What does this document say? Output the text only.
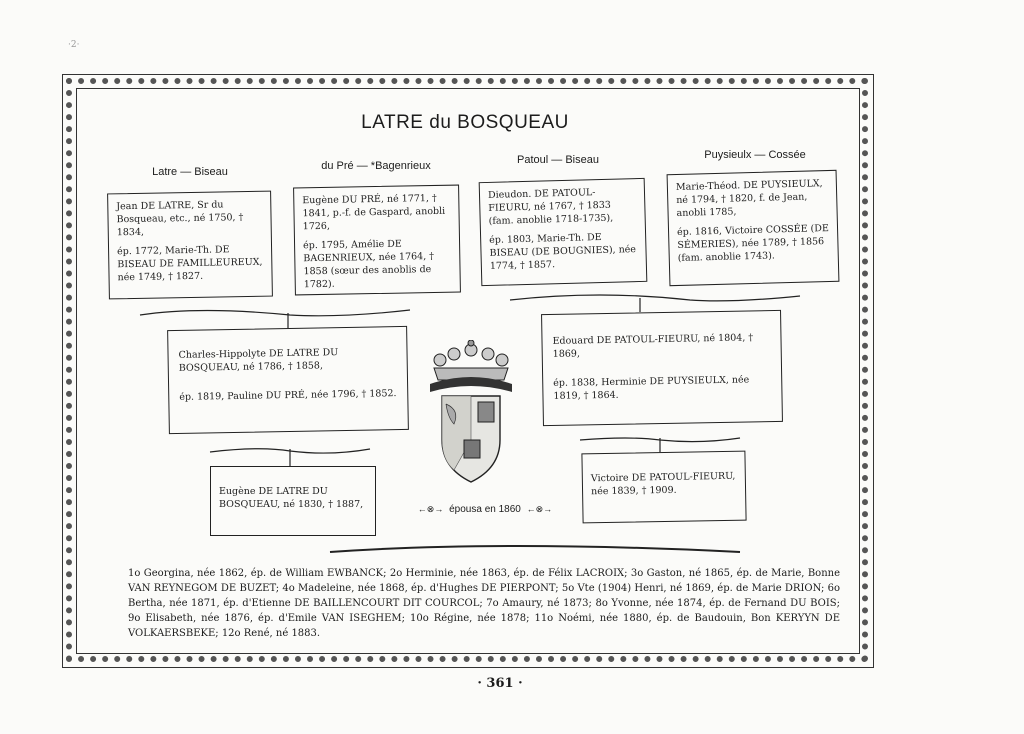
·2·
LATRE du BOSQUEAU
Latre — Biseau	du Pré — *Bagenrieux	Patoul — Biseau	Puysieulx — Cossée

Jean DE LATRE, Sr du Bosqueau, etc., né 1750, † 1834,

ép. 1772, Marie-Th. DE BISEAU DE FAMILLEUREUX, née 1749, † 1827.

Eugène DU PRÉ, né 1771, † 1841, p.-f. de Gaspard, anobli 1726,

ép. 1795, Amélie DE BAGENRIEUX, née 1764, † 1858 (sœur des anoblis de 1782).

Dieudon. DE PATOUL-FIEURU, né 1767, † 1833 (fam. anoblie 1718-1735),

ép. 1803, Marie-Th. DE BISEAU (DE BOUGNIES), née 1774, † 1857.

Marie-Théod. DE PUYSIEULX, né 1794, † 1820, f. de Jean, anobli 1785,

ép. 1816, Victoire COSSÉE (DE SÉMERIES), née 1789, † 1856 (fam. anoblie 1743).

Charles-Hippolyte DE LATRE DU BOSQUEAU, né 1786, † 1858,

ép. 1819, Pauline DU PRÉ, née 1796, † 1852.

Edouard DE PATOUL-FIEURU, né 1804, † 1869,

ép. 1838, Herminie DE PUYSIEULX, née 1819, † 1864.

Eugène DE LATRE DU BOSQUEAU, né 1830, † 1887,

Victoire DE PATOUL-FIEURU, née 1839, † 1909.

←⊗→ épousa en 1860 ←⊗→
1o Georgina, née 1862, ép. de William EWBANCK; 2o Herminie, née 1863, ép. de Félix LACROIX; 3o Gaston, né 1865, ép. de Marie, Bonne VAN REYNEGOM DE BUZET; 4o Madeleine, née 1868, ép. d'Hughes DE PIERPONT; 5o Vte (1904) Henri, né 1869, ép. de Marie DRION; 6o Bertha, née 1871, ép. d'Etienne DE BAILLENCOURT DIT COURCOL; 7o Amaury, né 1873; 8o Yvonne, née 1874, ép. de Fernand DU BOIS; 9o Elisabeth, née 1876, ép. d'Emile VAN ISEGHEM; 10o Régine, née 1878; 11o Noémi, née 1880, ép. de Baudouin, Bon KERYYN DE VOLKAERSBEKE; 12o René, né 1883.
· 361 ·
